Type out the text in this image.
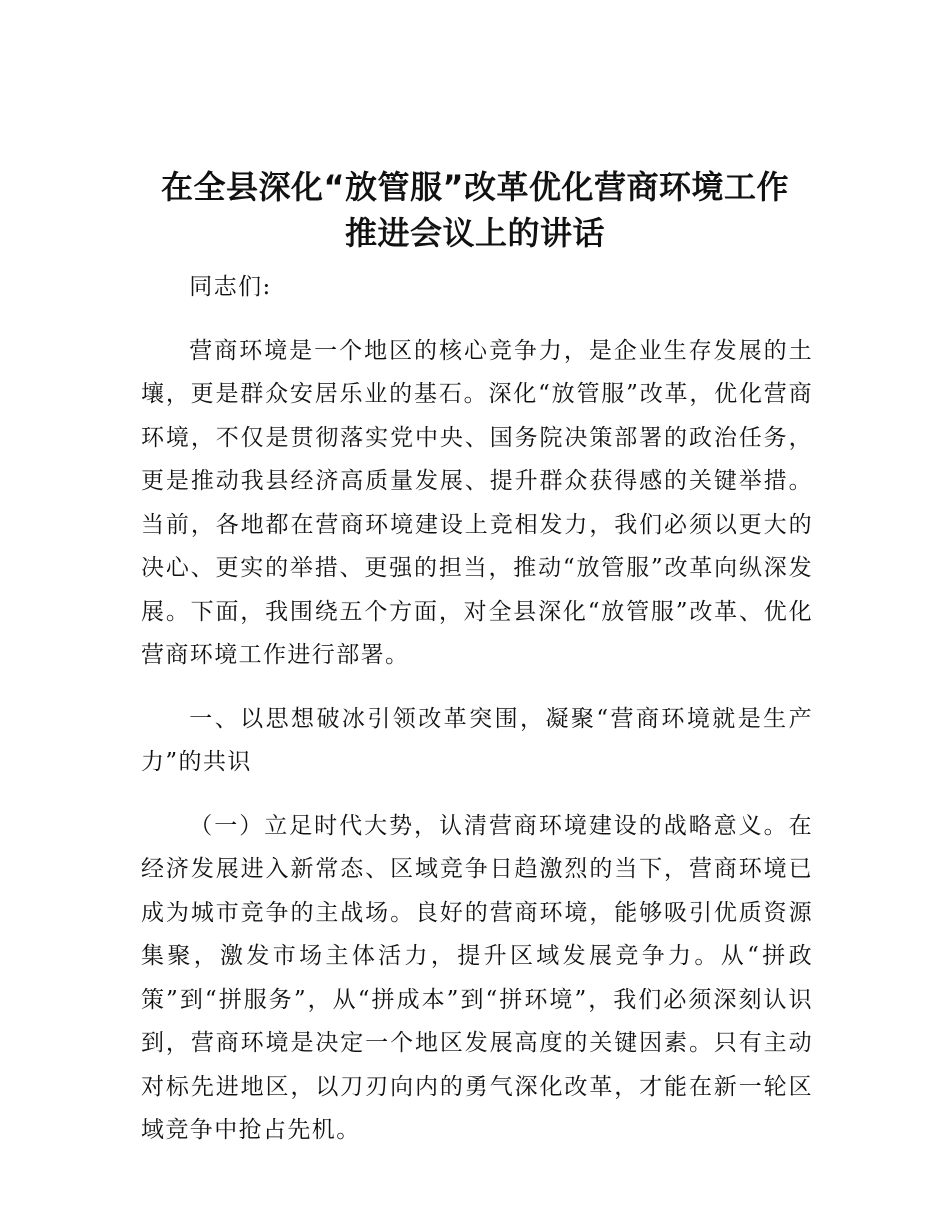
在全县深化“放管服”改革优化营商环境工作
推进会议上的讲话

同志们:

营商环境是一个地区的核心竞争力，是企业生存发展的土壤，更是群众安居乐业的基石。深化“放管服”改革，优化营商环境，不仅是贯彻落实党中央、国务院决策部署的政治任务，更是推动我县经济高质量发展、提升群众获得感的关键举措。当前，各地都在营商环境建设上竞相发力，我们必须以更大的决心、更实的举措、更强的担当，推动“放管服”改革向纵深发展。下面，我围绕五个方面，对全县深化“放管服”改革、优化营商环境工作进行部署。

一、以思想破冰引领改革突围，凝聚“营商环境就是生产力”的共识

（一）立足时代大势，认清营商环境建设的战略意义。在经济发展进入新常态、区域竞争日趋激烈的当下，营商环境已成为城市竞争的主战场。良好的营商环境，能够吸引优质资源集聚，激发市场主体活力，提升区域发展竞争力。从“拼政策”到“拼服务”，从“拼成本”到“拼环境”，我们必须深刻认识到，营商环境是决定一个地区发展高度的关键因素。只有主动对标先进地区，以刀刃向内的勇气深化改革，才能在新一轮区域竞争中抢占先机。
